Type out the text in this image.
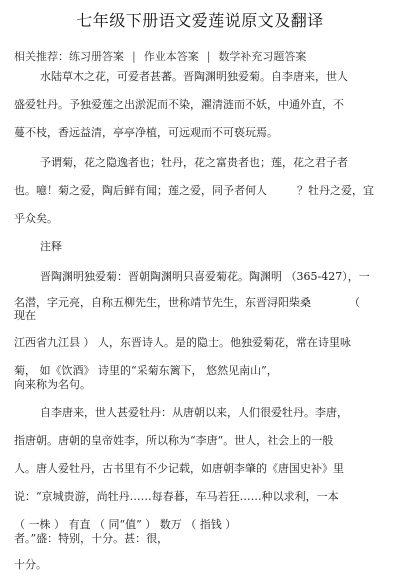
七年级下册语文爱莲说原文及翻译
相关推荐：练习册答案 | 作业本答案 | 数学补充习题答案
水陆草木之花，可爱者甚蕃。晋陶渊明独爱菊。自李唐来，世人
盛爱牡丹。予独爱莲之出淤泥而不染，濯清涟而不妖，中通外直，不
蔓不枝，香远益清，亭亭净植，可远观而不可亵玩焉。
予谓菊，花之隐逸者也；牡丹，花之富贵者也；莲，花之君子者
也。噫！菊之爱，陶后鲜有闻；莲之爱，同予者何人	？牡丹之爱，宜
乎众矣。
注释
晋陶渊明独爱菊：晋朝陶渊明只喜爱菊花。陶渊明 （365-427），一
名潜，字元亮，自称五柳先生，世称靖节先生，东晋浔阳柴桑	（
现在
江西省九江县 ） 人，东晋诗人。是的隐士。他独爱菊花，常在诗里咏
菊， 如《饮酒》 诗里的“采菊东篱下， 悠然见南山”，
向来称为名句。
自李唐来，世人甚爱牡丹：从唐朝以来，人们很爱牡丹。李唐，
指唐朝。唐朝的皇帝姓李，所以称为“李唐”。世人，社会上的一般
人。唐人爱牡丹，古书里有不少记载，如唐朝李肇的《唐国史补》里
说：“京城贵游，尚牡丹……每春暮，车马若狂……种以求利，一本
（ 一株 ） 有直 （ 同“值” ） 数万 （ 指钱 ）
者。”盛：特别，十分。甚：很，
十分。
